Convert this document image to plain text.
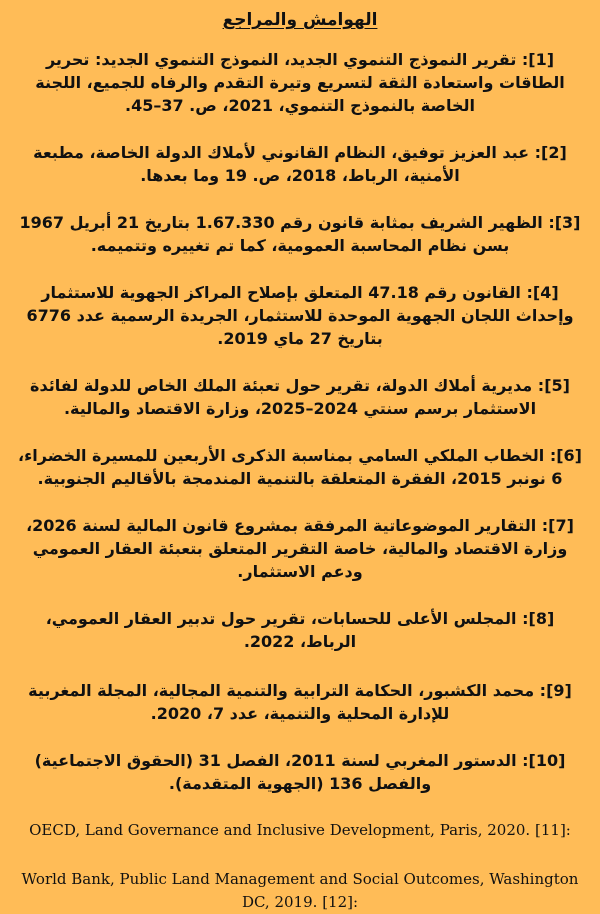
الهوامش والمراجع

[1]: تقرير النموذج التنموي الجديد، النموذج التنموي الجديد: تحرير الطاقات واستعادة الثقة لتسريع وتيرة التقدم والرفاه للجميع، اللجنة الخاصة بالنموذج التنموي، 2021، ص. 37–45.

[2]: عبد العزيز توفيق، النظام القانوني لأملاك الدولة الخاصة، مطبعة الأمنية، الرباط، 2018، ص. 19 وما بعدها.

[3]: الظهير الشريف بمثابة قانون رقم 1.67.330 بتاريخ 21 أبريل 1967 بسن نظام المحاسبة العمومية، كما تم تغييره وتتميمه.

[4]: القانون رقم 47.18 المتعلق بإصلاح المراكز الجهوية للاستثمار وإحداث اللجان الجهوية الموحدة للاستثمار، الجريدة الرسمية عدد 6776 بتاريخ 27 ماي 2019.

[5]: مديرية أملاك الدولة، تقرير حول تعبئة الملك الخاص للدولة لفائدة الاستثمار برسم سنتي 2024–2025، وزارة الاقتصاد والمالية.

[6]: الخطاب الملكي السامي بمناسبة الذكرى الأربعين للمسيرة الخضراء، 6 نونبر 2015، الفقرة المتعلقة بالتنمية المندمجة بالأقاليم الجنوبية.

[7]: التقارير الموضوعاتية المرفقة بمشروع قانون المالية لسنة 2026، وزارة الاقتصاد والمالية، خاصة التقرير المتعلق بتعبئة العقار العمومي ودعم الاستثمار.

[8]: المجلس الأعلى للحسابات، تقرير حول تدبير العقار العمومي، الرباط، 2022.

[9]: محمد الكشبور، الحكامة الترابية والتنمية المجالية، المجلة المغربية للإدارة المحلية والتنمية، عدد 7، 2020.

[10]: الدستور المغربي لسنة 2011، الفصل 31 (الحقوق الاجتماعية) والفصل 136 (الجهوية المتقدمة).

OECD, Land Governance and Inclusive Development, Paris, 2020. [11]:

World Bank, Public Land Management and Social Outcomes, Washington DC, 2019. [12]:
